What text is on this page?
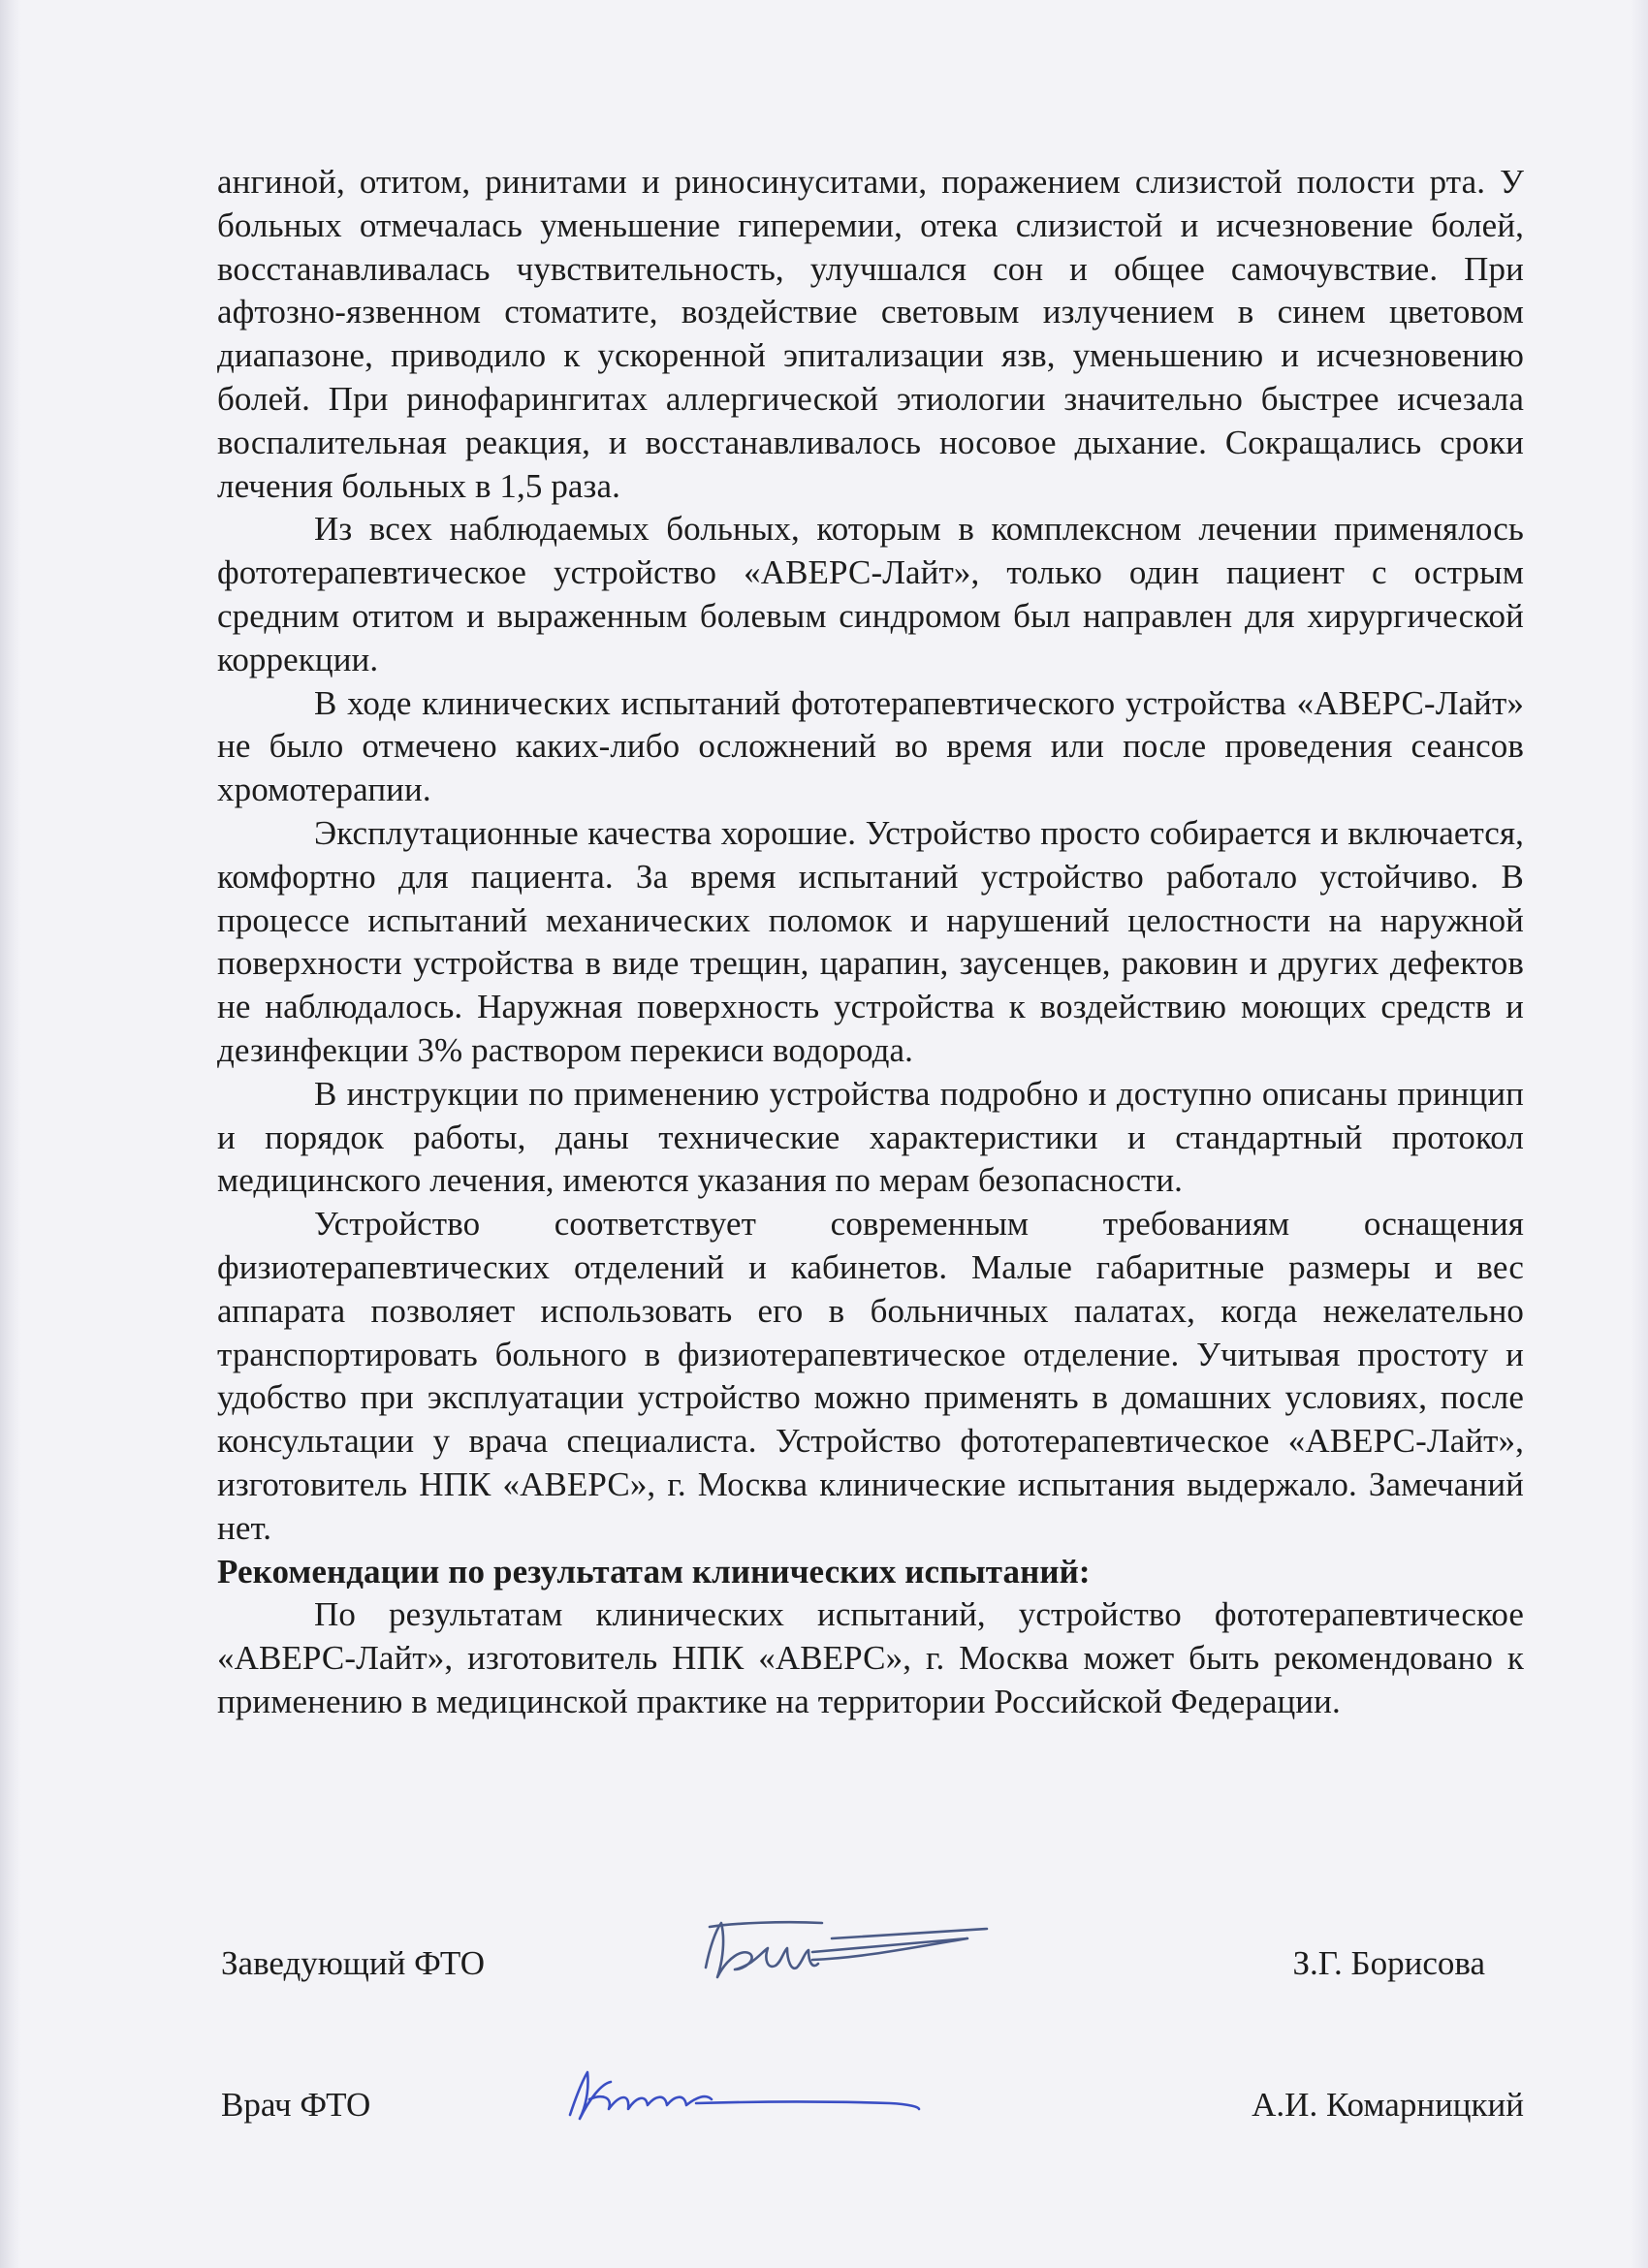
ангиной, отитом, ринитами и риносинуситами, поражением слизистой полости рта. У больных отмечалась уменьшение гиперемии, отека слизистой и исчезновение болей, восстанавливалась чувствительность, улучшался сон и общее самочувствие. При афтозно-язвенном стоматите, воздействие световым излучением в синем цветовом диапазоне, приводило к ускоренной эпитализации язв, уменьшению и исчезновению болей. При ринофарингитах аллергической этиологии значительно быстрее исчезала воспалительная реакция, и восстанавливалось носовое дыхание. Сокращались сроки лечения больных в 1,5 раза.

Из всех наблюдаемых больных, которым в комплексном лечении применялось фототерапевтическое устройство «АВЕРС-Лайт», только один пациент с острым средним отитом и выраженным болевым синдромом был направлен для хирургической коррекции.

В ходе клинических испытаний фототерапевтического устройства «АВЕРС-Лайт» не было отмечено каких-либо осложнений во время или после проведения сеансов хромотерапии.

Эксплутационные качества хорошие. Устройство просто собирается и включается, комфортно для пациента. За время испытаний устройство работало устойчиво. В процессе испытаний механических поломок и нарушений целостности на наружной поверхности устройства в виде трещин, царапин, заусенцев, раковин и других дефектов не наблюдалось. Наружная поверхность устройства к воздействию моющих средств и дезинфекции 3% раствором перекиси водорода.

В инструкции по применению устройства подробно и доступно описаны принцип и порядок работы, даны технические характеристики и стандартный протокол медицинского лечения, имеются указания по мерам безопасности.

Устройство соответствует современным требованиям оснащения физиотерапевтических отделений и кабинетов. Малые габаритные размеры и вес аппарата позволяет использовать его в больничных палатах, когда нежелательно транспортировать больного в физиотерапевтическое отделение. Учитывая простоту и удобство при эксплуатации устройство можно применять в домашних условиях, после консультации у врача специалиста. Устройство фототерапевтическое «АВЕРС-Лайт», изготовитель НПК «АВЕРС», г. Москва клинические испытания выдержало. Замечаний нет.

Рекомендации по результатам клинических испытаний:

По результатам клинических испытаний, устройство фототерапевтическое «АВЕРС-Лайт», изготовитель НПК «АВЕРС», г. Москва может быть рекомендовано к применению в медицинской практике на территории Российской Федерации.

Заведующий ФТО	З.Г. Борисова
Врач ФТО	А.И. Комарницкий
